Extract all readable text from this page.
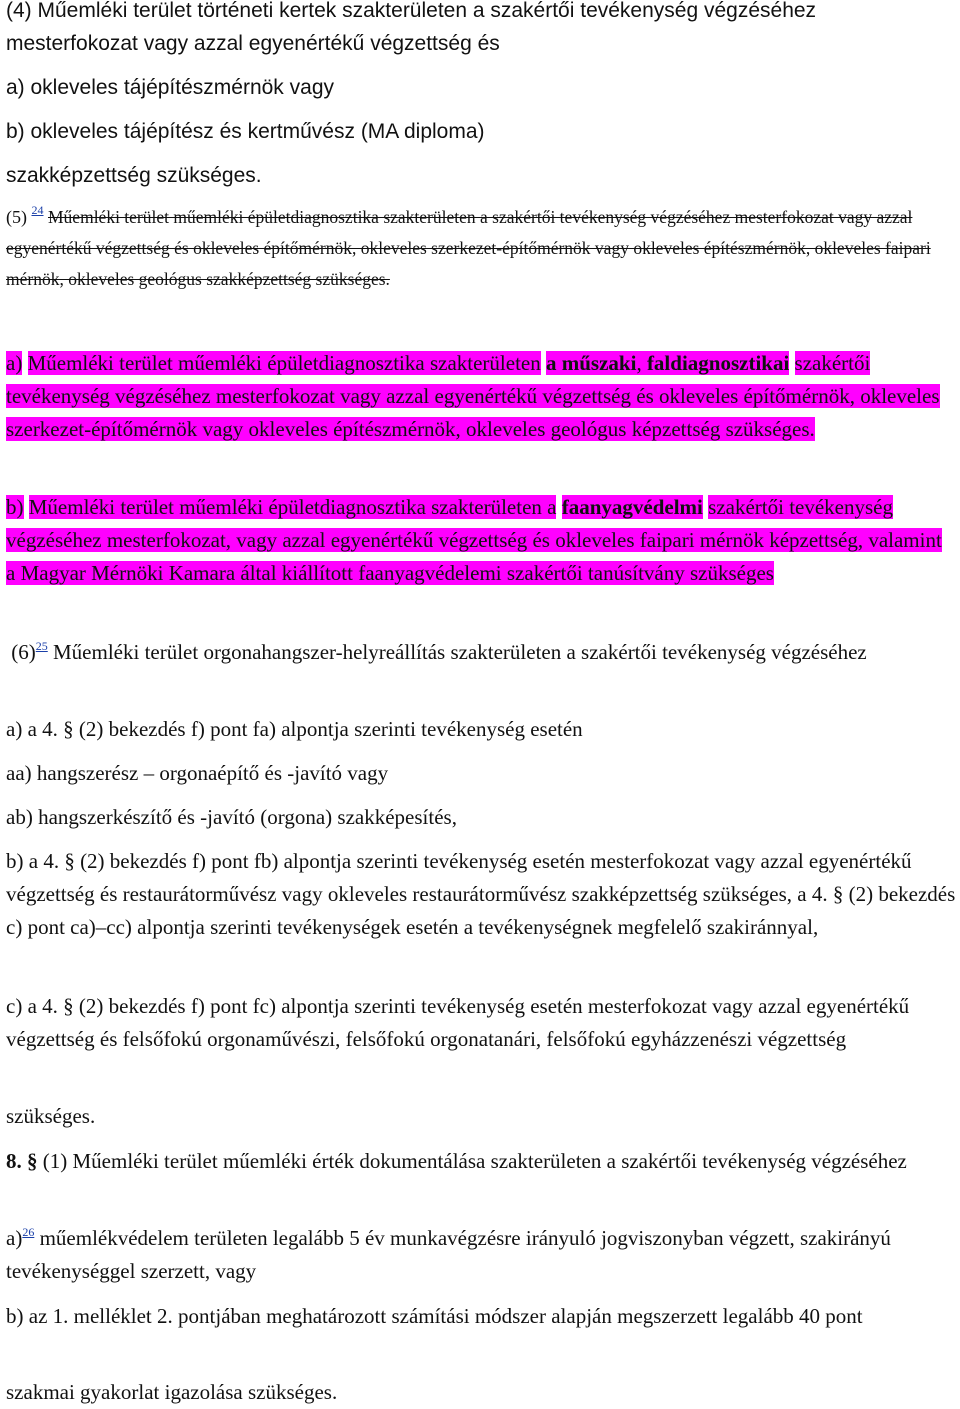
(4) Műemléki terület történeti kertek szakterületen a szakértői tevékenység végzéséhez

mesterfokozat vagy azzal egyenértékű végzettség és

a) okleveles tájépítészmérnök vagy

b) okleveles tájépítész és kertművész (MA diploma)

szakképzettség szükséges.

(5) $^{24}$ Műemléki terület műemléki épületdiagnosztika szakterületen a szakértői tevékenység végzéséhez mesterfokozat vagy azzal egyenértékű végzettség és okleveles építőmérnök, okleveles szerkezet-építőmérnök vagy okleveles építészmérnök, okleveles faipari mérnök, okleveles geológus szakképzettség szükséges.

a) Műemléki terület műemléki épületdiagnosztika szakterületen a műszaki, faldiagnosztikai szakértői tevékenység végzéséhez mesterfokozat vagy azzal egyenértékű végzettség és okleveles építőmérnök, okleveles szerkezet-építőmérnök vagy okleveles építészmérnök, okleveles geológus képzettség szükséges.

b) Műemléki terület műemléki épületdiagnosztika szakterületen a faanyagvédelmi szakértői tevékenység végzéséhez mesterfokozat, vagy azzal egyenértékű végzettség és okleveles faipari mérnök képzettség, valamint a Magyar Mérnöki Kamara által kiállított faanyagvédelemi szakértői tanúsítvány szükséges

(6)$^{25}$ Műemléki terület orgonahangszer-helyreállítás szakterületen a szakértői tevékenység végzéséhez

a) a 4. § (2) bekezdés f) pont fa) alpontja szerinti tevékenység esetén

aa) hangszerész – orgonaépítő és -javító vagy

ab) hangszerkészítő és -javító (orgona) szakképesítés,

b) a 4. § (2) bekezdés f) pont fb) alpontja szerinti tevékenység esetén mesterfokozat vagy azzal egyenértékű végzettség és restaurátorművész vagy okleveles restaurátorművész szakképzettség szükséges, a 4. § (2) bekezdés c) pont ca)–cc) alpontja szerinti tevékenységek esetén a tevékenységnek megfelelő szakiránnyal,

c) a 4. § (2) bekezdés f) pont fc) alpontja szerinti tevékenység esetén mesterfokozat vagy azzal egyenértékű végzettség és felsőfokú orgonaművészi, felsőfokú orgonatanári, felsőfokú egyházzenészi végzettség

szükséges.

8. § (1) Műemléki terület műemléki érték dokumentálása szakterületen a szakértői tevékenység végzéséhez

a)$^{26}$ műemlékvédelem területen legalább 5 év munkavégzésre irányuló jogviszonyban végzett, szakirányú tevékenységgel szerzett, vagy

b) az 1. melléklet 2. pontjában meghatározott számítási módszer alapján megszerzett legalább 40 pont

szakmai gyakorlat igazolása szükséges.
